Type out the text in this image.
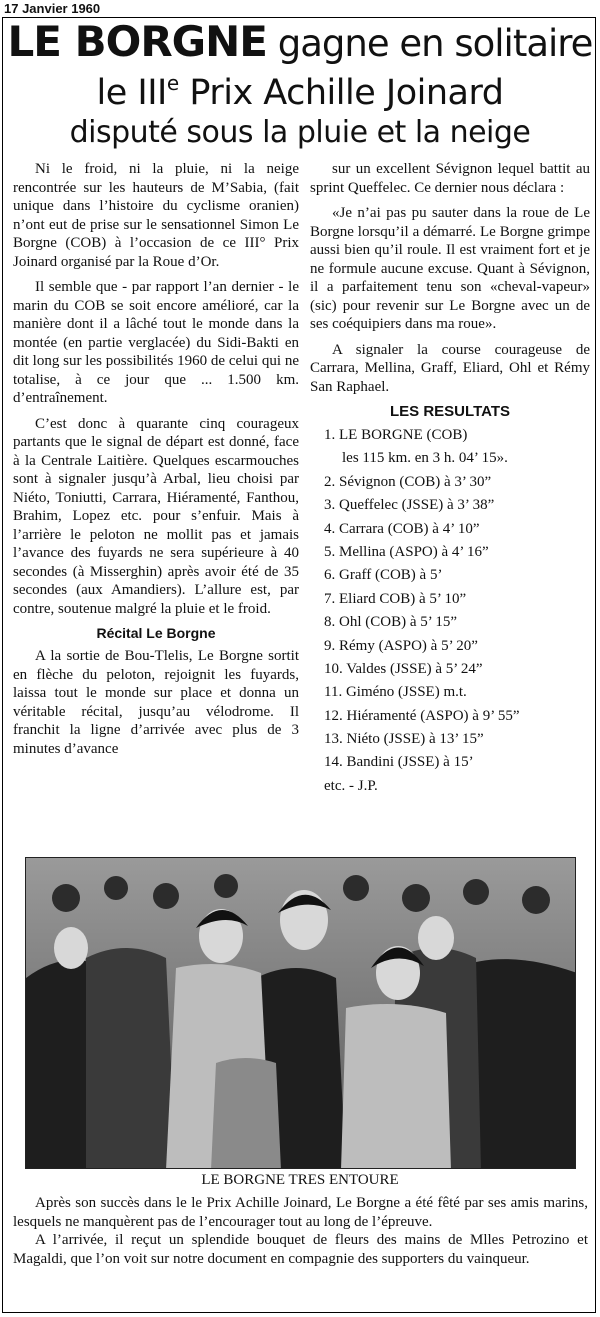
17 Janvier 1960
LE BORGNE gagne en solitaire
le IIIe Prix Achille Joinard
disputé sous la pluie et la neige

Ni le froid, ni la pluie, ni la neige rencontrée sur les hauteurs de M’Sabia, (fait unique dans l’histoire du cyclisme oranien) n’ont eut de prise sur le sensationnel Simon Le Borgne (COB) à l’occasion de ce III° Prix Joinard organisé par la Roue d’Or.

Il semble que - par rapport l’an dernier - le marin du COB se soit encore amélioré, car la manière dont il a lâché tout le monde dans la montée (en partie verglacée) du Sidi-Bakti en dit long sur les possibilités 1960 de celui qui ne totalise, à ce jour que ... 1.500 km. d’entraînement.

C’est donc à quarante cinq courageux partants que le signal de départ est donné, face à la Centrale Laitière. Quelques escarmouches sont à signaler jusqu’à Arbal, lieu choisi par Niéto, Toniutti, Carrara, Hiéramenté, Fanthou, Brahim, Lopez etc. pour s’enfuir. Mais à l’arrière le peloton ne mollit pas et jamais l’avance des fuyards ne sera supérieure à 40 secondes (à Misserghin) après avoir été de 35 secondes (aux Amandiers). L’allure est, par contre, soutenue malgré la pluie et le froid.

Récital Le Borgne

A la sortie de Bou-Tlelis, Le Borgne sortit en flèche du peloton, rejoignit les fuyards, laissa tout le monde sur place et donna un véritable récital, jusqu’au vélodrome. Il franchit la ligne d’arrivée avec plus de 3 minutes d’avance

sur un excellent Sévignon lequel battit au sprint Queffelec. Ce dernier nous déclara :

«Je n’ai pas pu sauter dans la roue de Le Borgne lorsqu’il a démarré. Le Borgne grimpe aussi bien qu’il roule. Il est vraiment fort et je ne formule aucune excuse. Quant à Sévignon, il a parfaitement tenu son «cheval-vapeur» (sic) pour revenir sur Le Borgne avec un de ses coéquipiers dans ma roue».

A signaler la course courageuse de Carrara, Mellina, Graff, Eliard, Ohl et Rémy San Raphael.

LES RESULTATS
1. LE BORGNE (COB)
les 115 km. en 3 h. 04’ 15».
2. Sévignon (COB) à 3’ 30”
3. Queffelec (JSSE) à 3’ 38”
4. Carrara (COB) à 4’ 10”
5. Mellina (ASPO) à 4’ 16”
6. Graff (COB) à 5’
7. Eliard COB) à 5’ 10”
8. Ohl (COB) à 5’ 15”
9. Rémy (ASPO) à 5’ 20”
10. Valdes (JSSE) à 5’ 24”
11. Giméno (JSSE) m.t.
12. Hiéramenté (ASPO) à 9’ 55”
13. Niéto (JSSE) à 13’ 15”
14. Bandini (JSSE) à 15’
etc. - J.P.
LE BORGNE TRES ENTOURE

Après son succès dans le le Prix Achille Joinard, Le Borgne a été fêté par ses amis marins, lesquels ne manquèrent pas de l’encourager tout au long de l’épreuve.

A l’arrivée, il reçut un splendide bouquet de fleurs des mains de Mlles Petrozino et Magaldi, que l’on voit sur notre document en compagnie des supporters du vainqueur.
